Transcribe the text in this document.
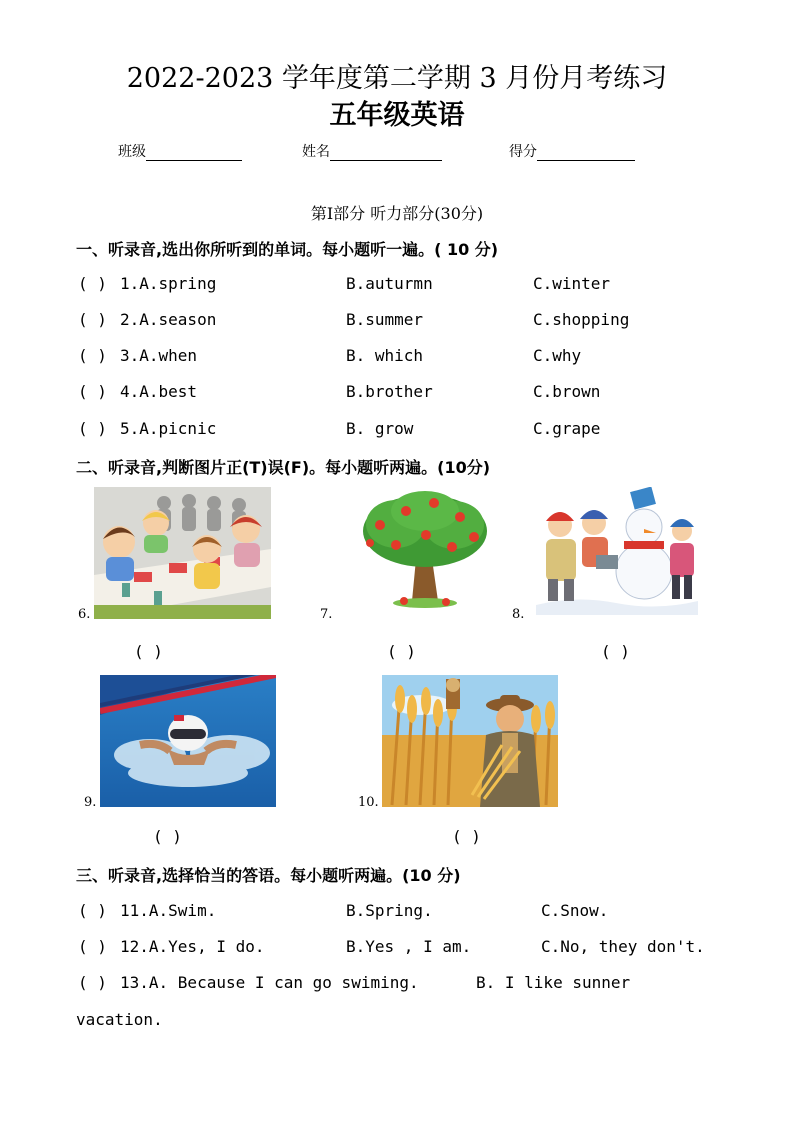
2022-2023 学年度第二学期 3 月份月考练习
五年级英语
班级	姓名	得分
第Ⅰ部分 听力部分(30分)
一、听录音,选出你所听到的单词。每小题听一遍。( 10 分)
( ) 1.A.spring	B.auturmn	C.winter
( ) 2.A.season	B.summer	C.shopping
( ) 3.A.when	B. which	C.why
( ) 4.A.best	B.brother	C.brown
( ) 5.A.picnic	B. grow	C.grape
二、听录音,判断图片正(T)误(F)。每小题听两遍。(10分)
6.
( )
7.
( )
8.
( )
9.
( )
10.
( )
三、听录音,选择恰当的答语。每小题听两遍。(10 分)
( ) 11.A.Swim.	B.Spring.	C.Snow.
( ) 12.A.Yes, I do.	B.Yes , I am.	C.No, they don't.
( ) 13.A. Because I can go swiming.	B. I like sunner
vacation.
